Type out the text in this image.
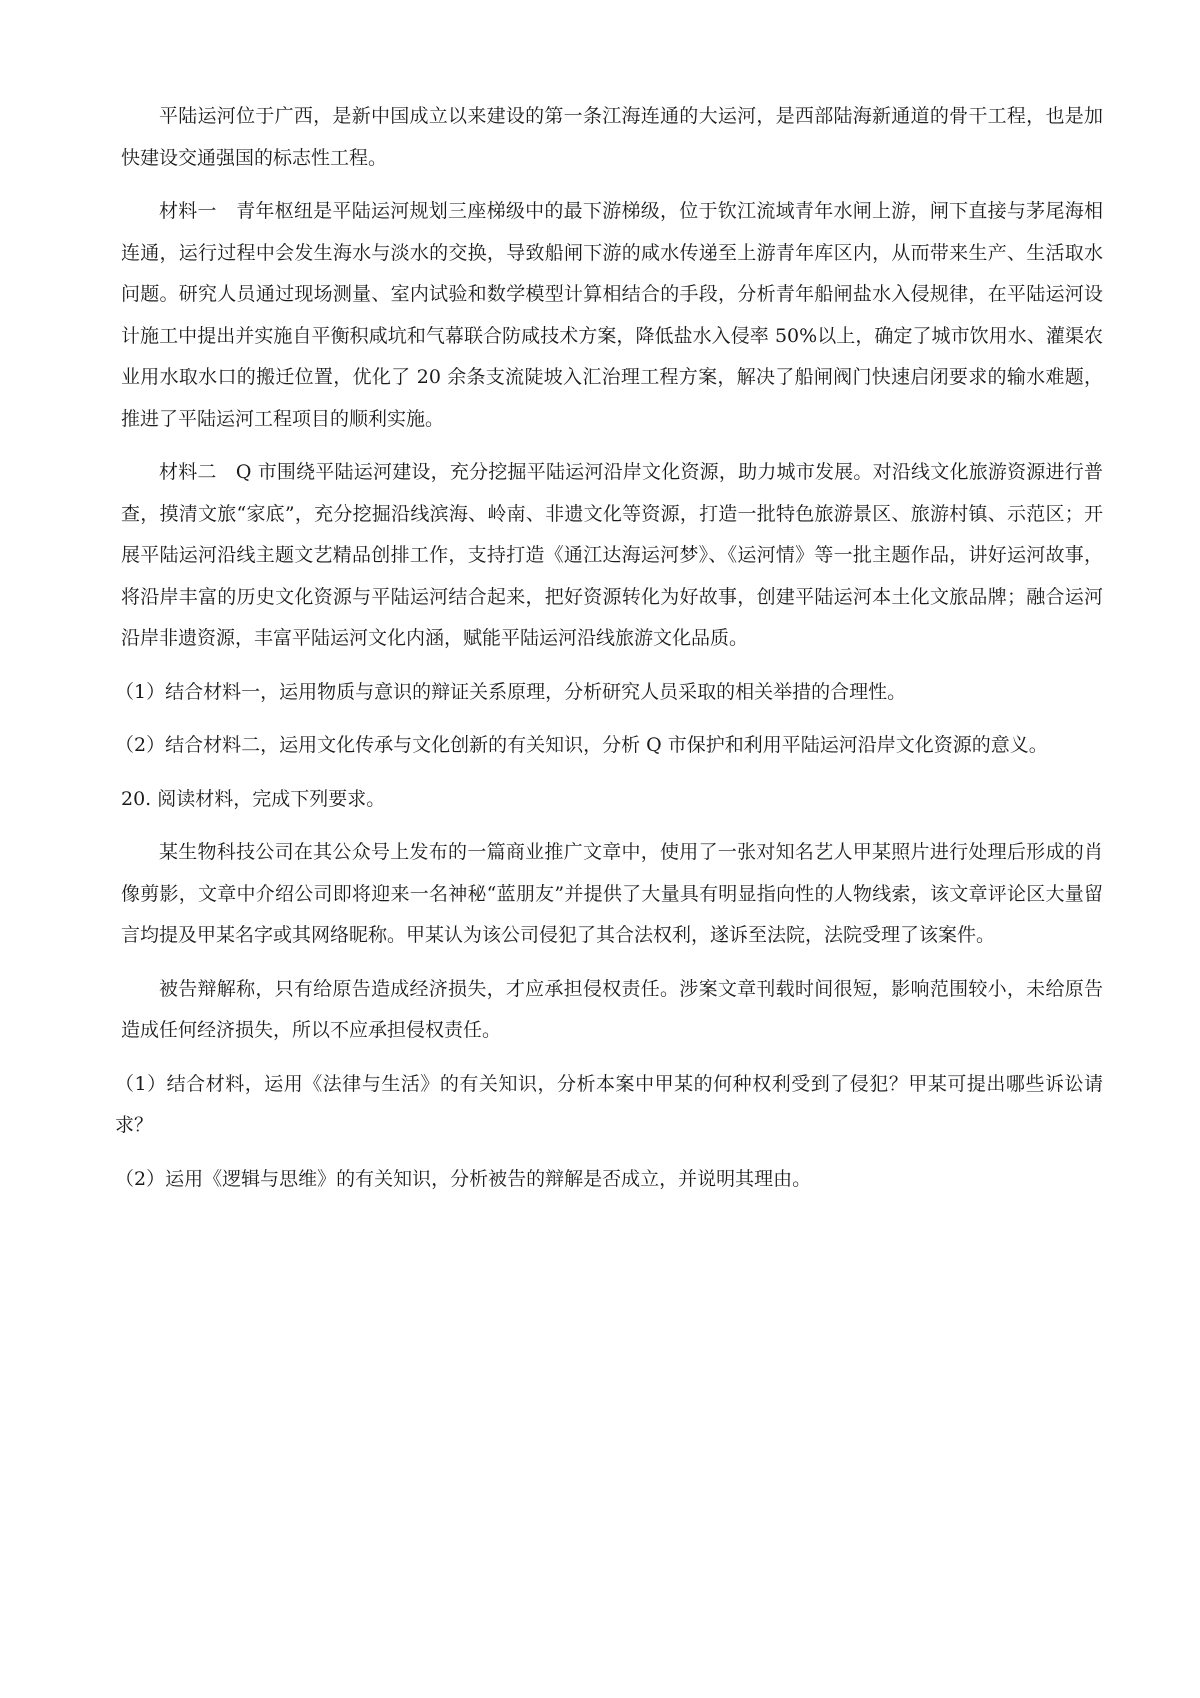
平陆运河位于广西，是新中国成立以来建设的第一条江海连通的大运河，是西部陆海新通道的骨干工程，也是加快建设交通强国的标志性工程。

材料一　青年枢纽是平陆运河规划三座梯级中的最下游梯级，位于钦江流域青年水闸上游，闸下直接与茅尾海相连通，运行过程中会发生海水与淡水的交换，导致船闸下游的咸水传递至上游青年库区内，从而带来生产、生活取水问题。研究人员通过现场测量、室内试验和数学模型计算相结合的手段，分析青年船闸盐水入侵规律，在平陆运河设计施工中提出并实施自平衡积咸坑和气幕联合防咸技术方案，降低盐水入侵率 50%以上，确定了城市饮用水、灌渠农业用水取水口的搬迁位置，优化了 20 余条支流陡坡入汇治理工程方案，解决了船闸阀门快速启闭要求的输水难题，推进了平陆运河工程项目的顺利实施。

材料二　Q 市围绕平陆运河建设，充分挖掘平陆运河沿岸文化资源，助力城市发展。对沿线文化旅游资源进行普查，摸清文旅“家底”，充分挖掘沿线滨海、岭南、非遗文化等资源，打造一批特色旅游景区、旅游村镇、示范区；开展平陆运河沿线主题文艺精品创排工作，支持打造《通江达海运河梦》、《运河情》等一批主题作品，讲好运河故事，将沿岸丰富的历史文化资源与平陆运河结合起来，把好资源转化为好故事，创建平陆运河本土化文旅品牌；融合运河沿岸非遗资源，丰富平陆运河文化内涵，赋能平陆运河沿线旅游文化品质。

（1）结合材料一，运用物质与意识的辩证关系原理，分析研究人员采取的相关举措的合理性。

（2）结合材料二，运用文化传承与文化创新的有关知识，分析 Q 市保护和利用平陆运河沿岸文化资源的意义。

20. 阅读材料，完成下列要求。

某生物科技公司在其公众号上发布的一篇商业推广文章中，使用了一张对知名艺人甲某照片进行处理后形成的肖像剪影，文章中介绍公司即将迎来一名神秘“蓝朋友”并提供了大量具有明显指向性的人物线索，该文章评论区大量留言均提及甲某名字或其网络昵称。甲某认为该公司侵犯了其合法权利，遂诉至法院，法院受理了该案件。

被告辩解称，只有给原告造成经济损失，才应承担侵权责任。涉案文章刊载时间很短，影响范围较小，未给原告造成任何经济损失，所以不应承担侵权责任。

（1）结合材料，运用《法律与生活》的有关知识，分析本案中甲某的何种权利受到了侵犯？甲某可提出哪些诉讼请求？

（2）运用《逻辑与思维》的有关知识，分析被告的辩解是否成立，并说明其理由。
